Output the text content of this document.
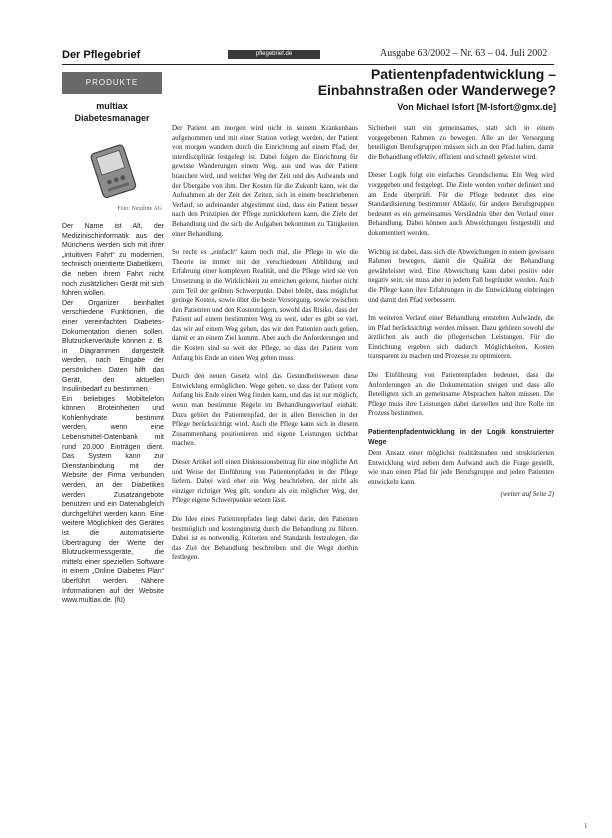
Der Pflegebrief	pflegebrief.de	Ausgabe 63/2002 – Nr. 63 – 04. Juli 2002
PRODUKTE
multiax
Diabetesmanager
Foto: Nextline AG

Der Name ist Alt, der Medizinischinformatik aus der Münchens werden sich mit ihrer „intuitiven Fahrt“ zu modernen, technisch orientierte Diabetikern, die neben ihrem Fahrt nicht noch zusätzlichen Gerät mit sich führen wollen.

Der Organizer beinhaltet verschiedene Funktionen, die einer vereinfachten Diabetes-Dokumentation dienen sollen. Blutzuckerverläufe können z. B. in Diagrammen dargestellt werden, nach Eingabe der persönlichen Daten hilft das Gerät, den aktuellen Insulinbedarf zu bestimmen.

Ein beliebiges Mobiltelefon können Broteinheiten und Kohlenhydrate bestimmt werden, wenn eine Lebensmittel-Datenbank mit rund 20.000 Einträgen dient. Das System kann zur Dienstanbindung mit der Website der Firma verbunden werden, an der Diabetikes werden Zusatzangebote benutzen und ein Datenabgleich durchgeführt werden kann. Eine weitere Möglichkeit des Gerätes ist die automatisierte Übertragung der Werte der Blutzuckermessgeräte, die mittels einer speziellen Software in einem „Online Diabetes Plan“ überführt werden. Nähere Informationen auf der Website www.multiax.de. (fü)

Patientenpfadentwicklung –
Einbahnstraßen oder Wanderwege?
Von Michael Isfort [M-Isfort@gmx.de]

Der Patient am morgen wird nicht in seinem Krankenhaus aufgenommen und mit einer Station verlegt werden, der Patient von morgen wandern durch die Einrichtung auf einem Pfad, der interdisziplinär festgelegt ist. Dabei folgen die Einrichtung für gewisse Wanderungen einem Weg, aus und was der Patient brauchen wird, und welcher Weg der Zeit und des Aufwands und der Übergabe von ihm. Der Kosten für die Zukunft kann, wie die Aufnahmen ab der Zeit der Zeiten, sich in einem beschriebenen Verlauf, so aufeinander abgestimmt sind, dass ein Patient besser nach den Prinzipien der Pflege zurückkehren kann, die Ziele der Behandlung und die sich die Aufgaben bekommen zu Tätigkeiten einer Behandlung.

So recht es „einfach“ kaum noch mal, die Pflege in wie die Theorie ist immer mit der verschiedenen Abbildung und Erfahrung einer komplexen Realität, und die Pflege wird sie von Umsetzung in die Wirklichkeit zu erreichen gelernt, hierher nicht zum Teil der geübten Schwerpunkt. Dabei bleibt, dass möglichst geringe Kosten, sowie über die beste Versorgung, sowie zwischen den Patienten und den Kostenträgern, sowohl das Risiko, dass der Patient auf einem bestimmten Weg zu weit, oder es gibt so viel, das wir auf einem Weg gehen, das wir den Patienten auch gehen, damit er an einem Ziel kommt. Aber auch die Anforderungen und die Kosten sind so weit der Pflege, so dass der Patient vom Anfang bis Ende an einen Weg gehen muss.

Durch den neuen Gesetz wird das Gesundheitswesen diese Entwicklung ermöglichen. Wege gehen, so dass der Patient vom Anfang bis Ende einen Weg finden kann, und das ist nur möglich, wenn man bestimmte Regeln im Behandlungsverlauf einhält. Dazu gehört der Patientenpfad, der in allen Bereichen in der Pflege berücksichtigt wird. Auch die Pflege kann sich in diesem Zusammenhang positionieren und eigene Leistungen sichtbar machen.

Dieser Artikel soll einen Diskussionsbeitrag für eine mögliche Art und Weise der Einführung von Patientenpfaden in der Pflege liefern. Dabei wird eher ein Weg beschrieben, der nicht als einziger richtiger Weg gilt, sondern als ein möglicher Weg, der Pflege eigene Schwerpunkte setzen lässt.

Die Idee eines Patientenpfades liegt dabei darin, den Patienten bestmöglich und kostengünstig durch die Behandlung zu führen. Dabei ist es notwendig, Kriterien und Standards festzulegen, die das Ziel der Behandlung beschreiben und die Wege dorthin festlegen.

Sicherheit statt ein gemeinsames, statt sich in einem vorgegebenen Rahmen zu bewegen. Alle an der Versorgung beteiligten Berufsgruppen müssen sich an den Pfad halten, damit die Behandlung effektiv, effizient und schnell geleistet wird.

Dieser Logik folgt ein einfaches Grundschema: Ein Weg wird vorgegeben und festgelegt. Die Ziele werden vorher definiert und am Ende überprüft. Für die Pflege bedeutet dies eine Standardisierung bestimmter Abläufe, für andere Berufsgruppen bedeutet es ein gemeinsames Verständnis über den Verlauf einer Behandlung. Dabei können auch Abweichungen festgestellt und dokumentiert werden.

Wichtig ist dabei, dass sich die Abweichungen in einem gewissen Rahmen bewegen, damit die Qualität der Behandlung gewährleistet wird. Eine Abweichung kann dabei positiv oder negativ sein, sie muss aber in jedem Fall begründet werden. Auch die Pflege kann ihre Erfahrungen in die Entwicklung einbringen und damit den Pfad verbessern.

Im weiteren Verlauf einer Behandlung entstehen Aufwände, die im Pfad berücksichtigt werden müssen. Dazu gehören sowohl die ärztlichen als auch die pflegerischen Leistungen. Für die Einrichtung ergeben sich dadurch Möglichkeiten, Kosten transparent zu machen und Prozesse zu optimieren.

Die Einführung von Patientenpfaden bedeutet, dass die Anforderungen an die Dokumentation steigen und dass alle Beteiligten sich an gemeinsame Absprachen halten müssen. Die Pflege muss ihre Leistungen dabei darstellen und ihre Rolle im Prozess bestimmen.

Patientenpfadentwicklung in der Logik konstruierter Wege

Dem Ansatz einer möglichst realitätsnahen und strukturierten Entwicklung wird neben dem Aufwand auch die Frage gestellt, wie man einen Pfad für jede Berufsgruppe und jeden Patienten entwickeln kann.

(weiter auf Seite 2)
1
